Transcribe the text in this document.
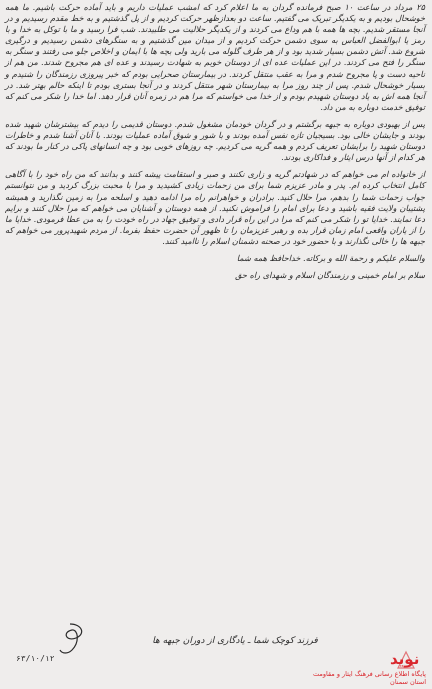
۲۵ مرداد در ساعت ۱۰ صبح فرمانده گردان به ما اعلام کرد که امشب عملیات داریم و باید آماده حرکت باشیم. ما همه خوشحال بودیم و به یکدیگر تبریک می گفتیم. ساعت دو بعدازظهر حرکت کردیم و از پل گذشتیم و به خط مقدم رسیدیم و در آنجا مستقر شدیم. بچه ها همه با هم وداع می کردند و از یکدیگر حلالیت می طلبیدند. شب فرا رسید و ما با توکل به خدا و با رمز یا ابوالفضل العباس به سوی دشمن حرکت کردیم و از میدان مین گذشتیم و به سنگرهای دشمن رسیدیم و درگیری شروع شد. آتش دشمن بسیار شدید بود و از هر طرف گلوله می بارید ولی بچه ها با ایمان و اخلاص جلو می رفتند و سنگر به سنگر را فتح می کردند. در این عملیات عده ای از دوستان خوبم به شهادت رسیدند و عده ای هم مجروح شدند. من هم از ناحیه دست و پا مجروح شدم و مرا به عقب منتقل کردند. در بیمارستان صحرایی بودم که خبر پیروزی رزمندگان را شنیدم و بسیار خوشحال شدم. پس از چند روز مرا به بیمارستان شهر منتقل کردند و در آنجا بستری بودم تا اینکه حالم بهتر شد. در آنجا همه اش به یاد دوستان شهیدم بودم و از خدا می خواستم که مرا هم در زمره آنان قرار دهد. اما خدا را شکر می کنم که توفیق خدمت دوباره به من داد.

پس از بهبودی دوباره به جبهه برگشتم و در گردان خودمان مشغول شدم. دوستان قدیمی را دیدم که بیشترشان شهید شده بودند و جایشان خالی بود. بسیجیان تازه نفس آمده بودند و با شور و شوق آماده عملیات بودند. با آنان آشنا شدم و خاطرات دوستان شهید را برایشان تعریف کردم و همه گریه می کردیم. چه روزهای خوبی بود و چه انسانهای پاکی در کنار ما بودند که هر کدام از آنها درس ایثار و فداکاری بودند.

از خانواده ام می خواهم که در شهادتم گریه و زاری نکنند و صبر و استقامت پیشه کنند و بدانند که من راه خود را با آگاهی کامل انتخاب کرده ام. پدر و مادر عزیزم شما برای من زحمات زیادی کشیدید و مرا با محبت بزرگ کردید و من نتوانستم جواب زحمات شما را بدهم، مرا حلال کنید. برادران و خواهرانم راه مرا ادامه دهید و اسلحه مرا به زمین نگذارید و همیشه پشتیبان ولایت فقیه باشید و دعا برای امام را فراموش نکنید. از همه دوستان و آشنایان می خواهم که مرا حلال کنند و برایم دعا نمایند. خدایا تو را شکر می کنم که مرا در این راه قرار دادی و توفیق جهاد در راه خودت را به من عطا فرمودی. خدایا ما را از یاران واقعی امام زمان قرار بده و رهبر عزیزمان را تا ظهور آن حضرت حفظ بفرما. از مردم شهیدپرور می خواهم که جبهه ها را خالی نگذارند و با حضور خود در صحنه دشمنان اسلام را ناامید کنند.

والسلام علیکم و رحمة الله و برکاته. خداحافظ همه شما

سلام بر امام خمینی و رزمندگان اسلام و شهدای راه حق

فرزند کوچک شما ـ یادگاری از دوران جبهه ها
۶۳/۱۰/۱۲	نوید
پایگاه اطلاع رسانی فرهنگ ایثار و مقاومت
استان سمنان
